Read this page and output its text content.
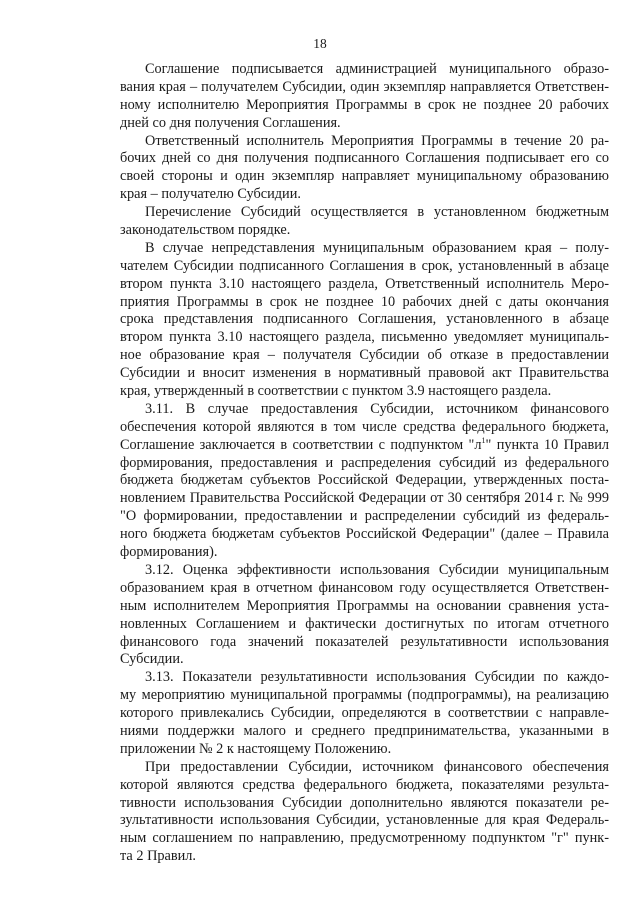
18
Соглашение подписывается администрацией муниципального образо-
вания края – получателем Субсидии, один экземпляр направляется Ответствен-
ному исполнителю Мероприятия Программы в срок не позднее 20 рабочих
дней со дня получения Соглашения.
Ответственный исполнитель Мероприятия Программы в течение 20 ра-
бочих дней со дня получения подписанного Соглашения подписывает его со
своей стороны и один экземпляр направляет муниципальному образованию
края – получателю Субсидии.
Перечисление Субсидий осуществляется в установленном бюджетным
законодательством порядке.
В случае непредставления муниципальным образованием края – полу-
чателем Субсидии подписанного Соглашения в срок, установленный в абзаце
втором пункта 3.10 настоящего раздела, Ответственный исполнитель Меро-
приятия Программы в срок не позднее 10 рабочих дней с даты окончания
срока представления подписанного Соглашения, установленного в абзаце
втором пункта 3.10 настоящего раздела, письменно уведомляет муниципаль-
ное образование края – получателя Субсидии об отказе в предоставлении
Субсидии и вносит изменения в нормативный правовой акт Правительства
края, утвержденный в соответствии с пунктом 3.9 настоящего раздела.
3.11. В случае предоставления Субсидии, источником финансового
обеспечения которой являются в том числе средства федерального бюджета,
Соглашение заключается в соответствии с подпунктом "$л^1$" пункта 10 Правил
формирования, предоставления и распределения субсидий из федерального
бюджета бюджетам субъектов Российской Федерации, утвержденных поста-
новлением Правительства Российской Федерации от 30 сентября 2014 г. № 999
"О формировании, предоставлении и распределении субсидий из федераль-
ного бюджета бюджетам субъектов Российской Федерации" (далее – Правила
формирования).
3.12. Оценка эффективности использования Субсидии муниципальным
образованием края в отчетном финансовом году осуществляется Ответствен-
ным исполнителем Мероприятия Программы на основании сравнения уста-
новленных Соглашением и фактически достигнутых по итогам отчетного
финансового года значений показателей результативности использования
Субсидии.
3.13. Показатели результативности использования Субсидии по каждо-
му мероприятию муниципальной программы (подпрограммы), на реализацию
которого привлекались Субсидии, определяются в соответствии с направле-
ниями поддержки малого и среднего предпринимательства, указанными в
приложении № 2 к настоящему Положению.
При предоставлении Субсидии, источником финансового обеспечения
которой являются средства федерального бюджета, показателями результа-
тивности использования Субсидии дополнительно являются показатели ре-
зультативности использования Субсидии, установленные для края Федераль-
ным соглашением по направлению, предусмотренному подпунктом "г" пунк-
та 2 Правил.
